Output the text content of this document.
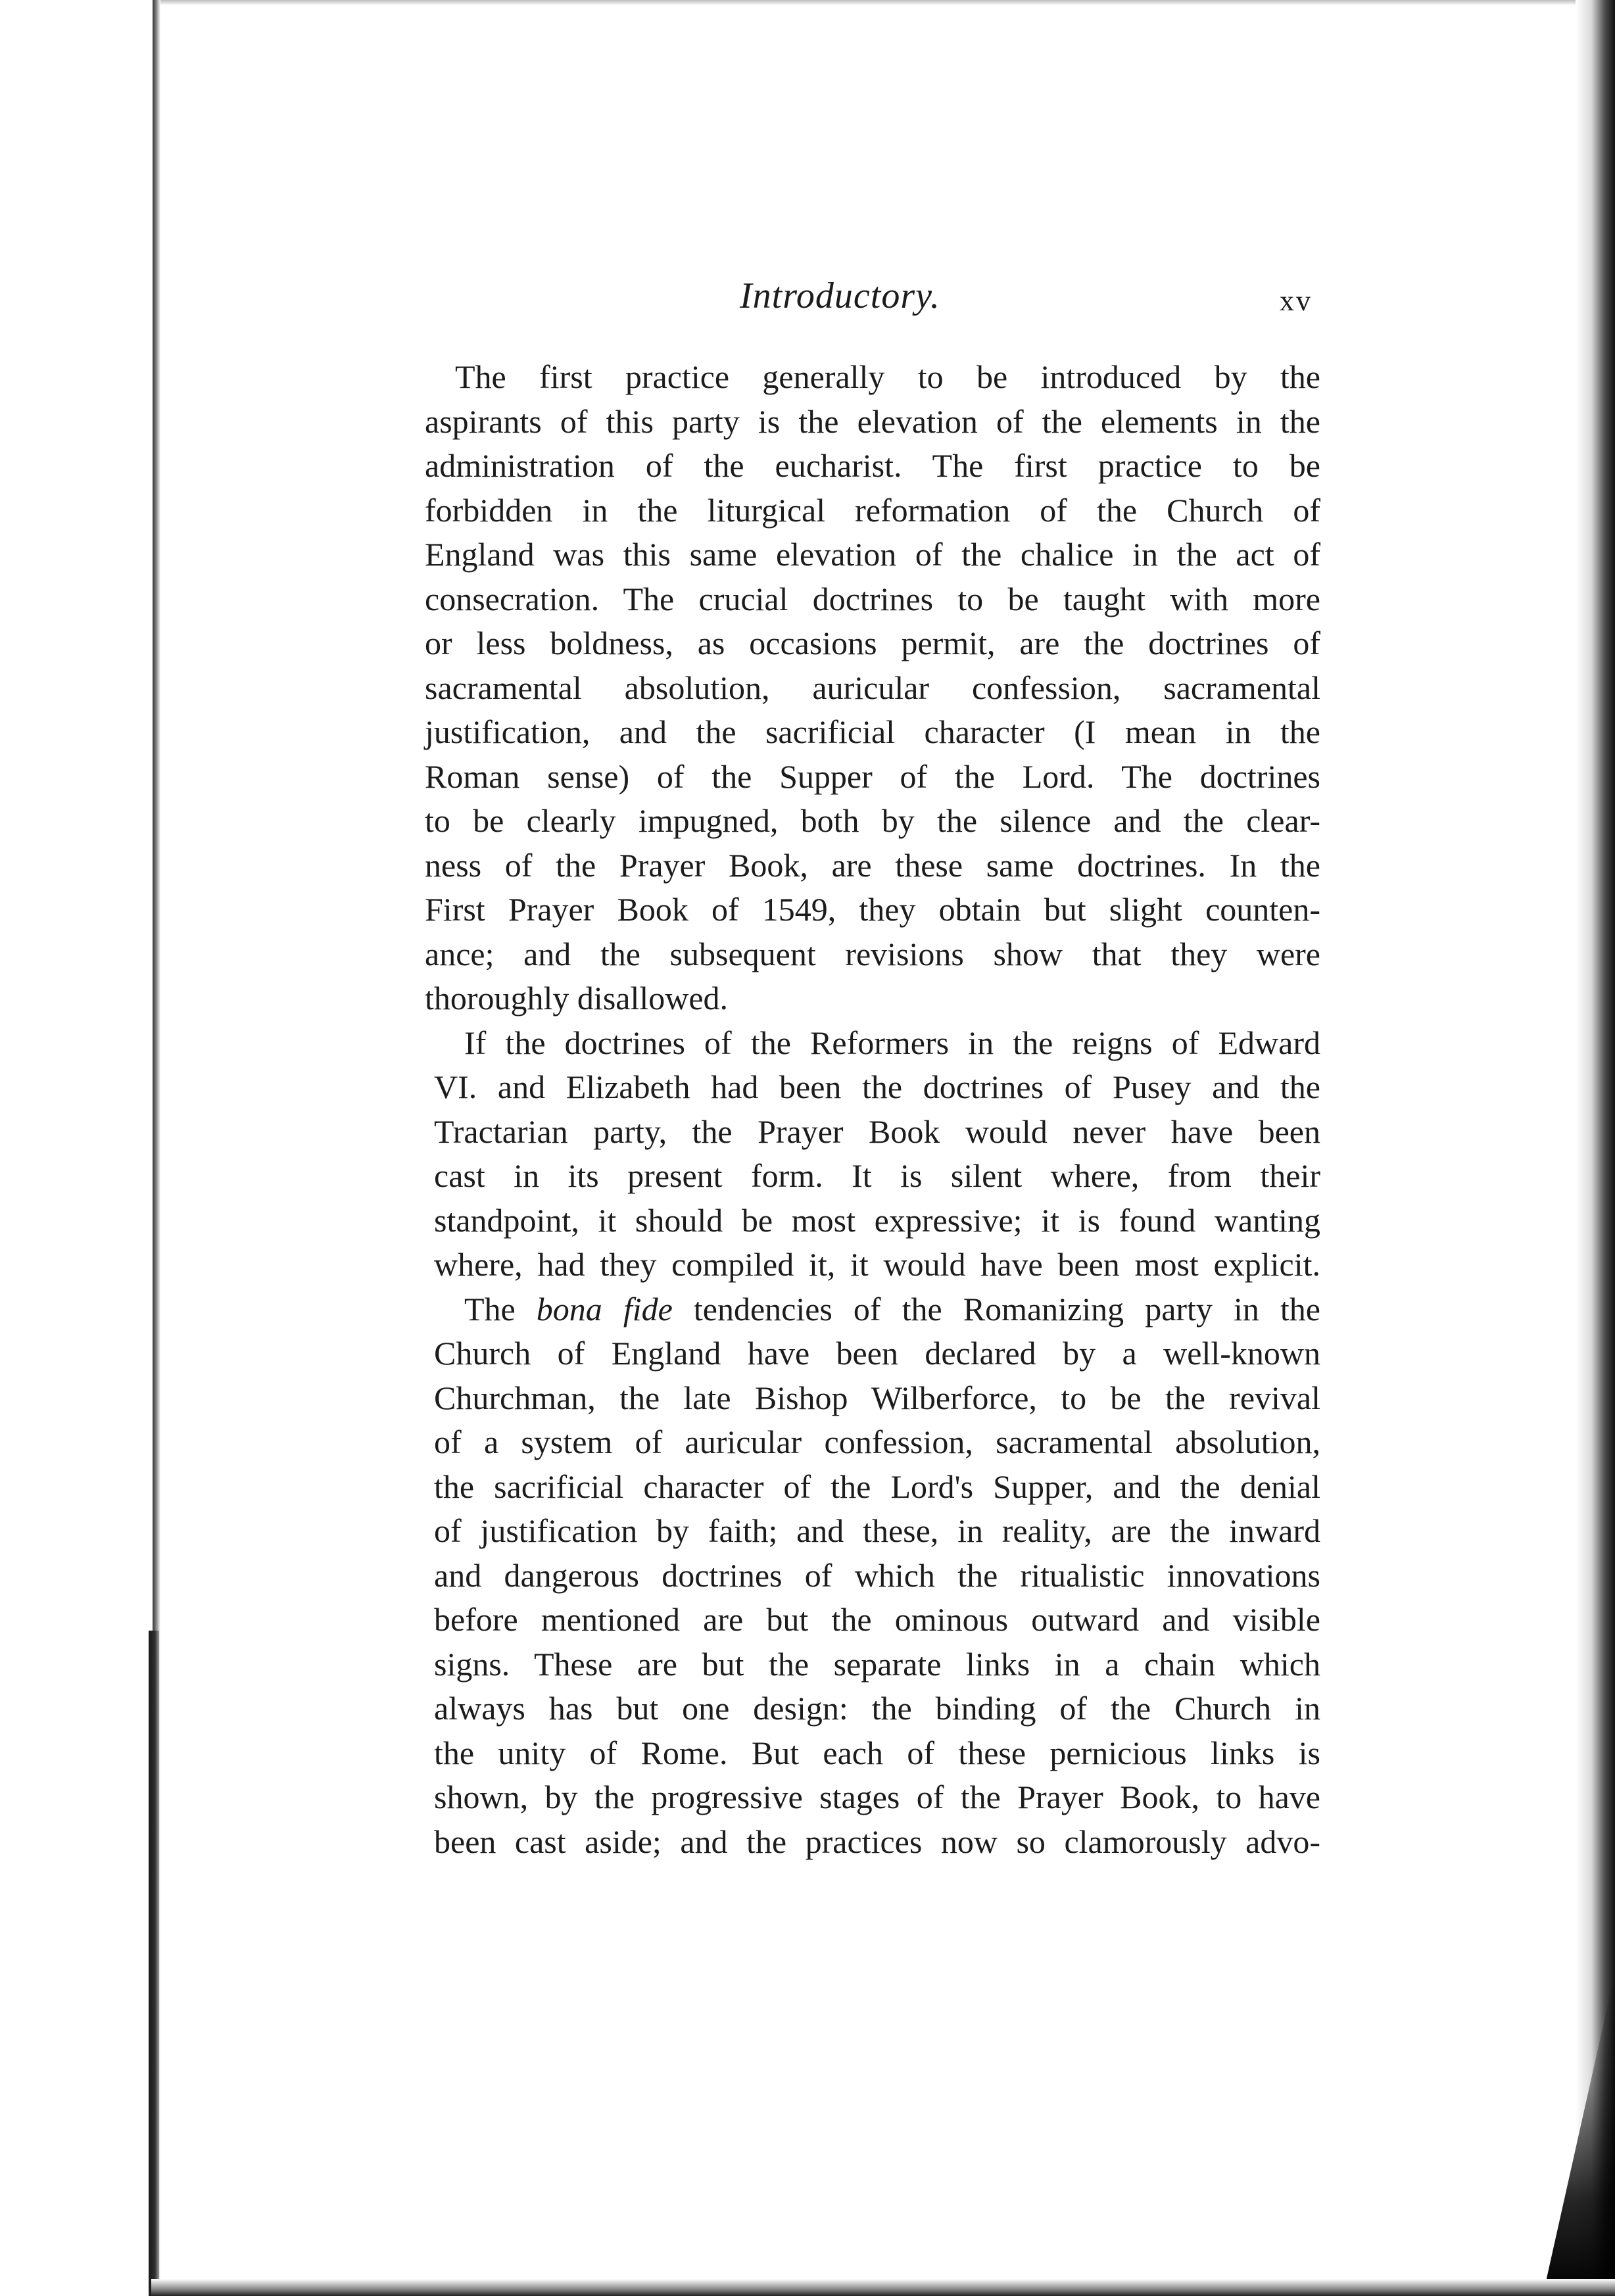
Introductory.	xv

The first practice generally to be introduced by the
aspirants of this party is the elevation of the elements in the
administration of the eucharist. The first practice to be
forbidden in the liturgical reformation of the Church of
England was this same elevation of the chalice in the act of
consecration. The crucial doctrines to be taught with more
or less boldness, as occasions permit, are the doctrines of
sacramental absolution, auricular confession, sacramental
justification, and the sacrificial character (I mean in the
Roman sense) of the Supper of the Lord. The doctrines
to be clearly impugned, both by the silence and the clear-
ness of the Prayer Book, are these same doctrines. In the
First Prayer Book of 1549, they obtain but slight counten-
ance; and the subsequent revisions show that they were
thoroughly disallowed.

If the doctrines of the Reformers in the reigns of Edward
VI. and Elizabeth had been the doctrines of Pusey and the
Tractarian party, the Prayer Book would never have been
cast in its present form. It is silent where, from their
standpoint, it should be most expressive; it is found wanting
where, had they compiled it, it would have been most explicit.

The bona fide tendencies of the Romanizing party in the
Church of England have been declared by a well-known
Churchman, the late Bishop Wilberforce, to be the revival
of a system of auricular confession, sacramental absolution,
the sacrificial character of the Lord's Supper, and the denial
of justification by faith; and these, in reality, are the inward
and dangerous doctrines of which the ritualistic innovations
before mentioned are but the ominous outward and visible
signs. These are but the separate links in a chain which
always has but one design: the binding of the Church in
the unity of Rome. But each of these pernicious links is
shown, by the progressive stages of the Prayer Book, to have
been cast aside; and the practices now so clamorously advo-
